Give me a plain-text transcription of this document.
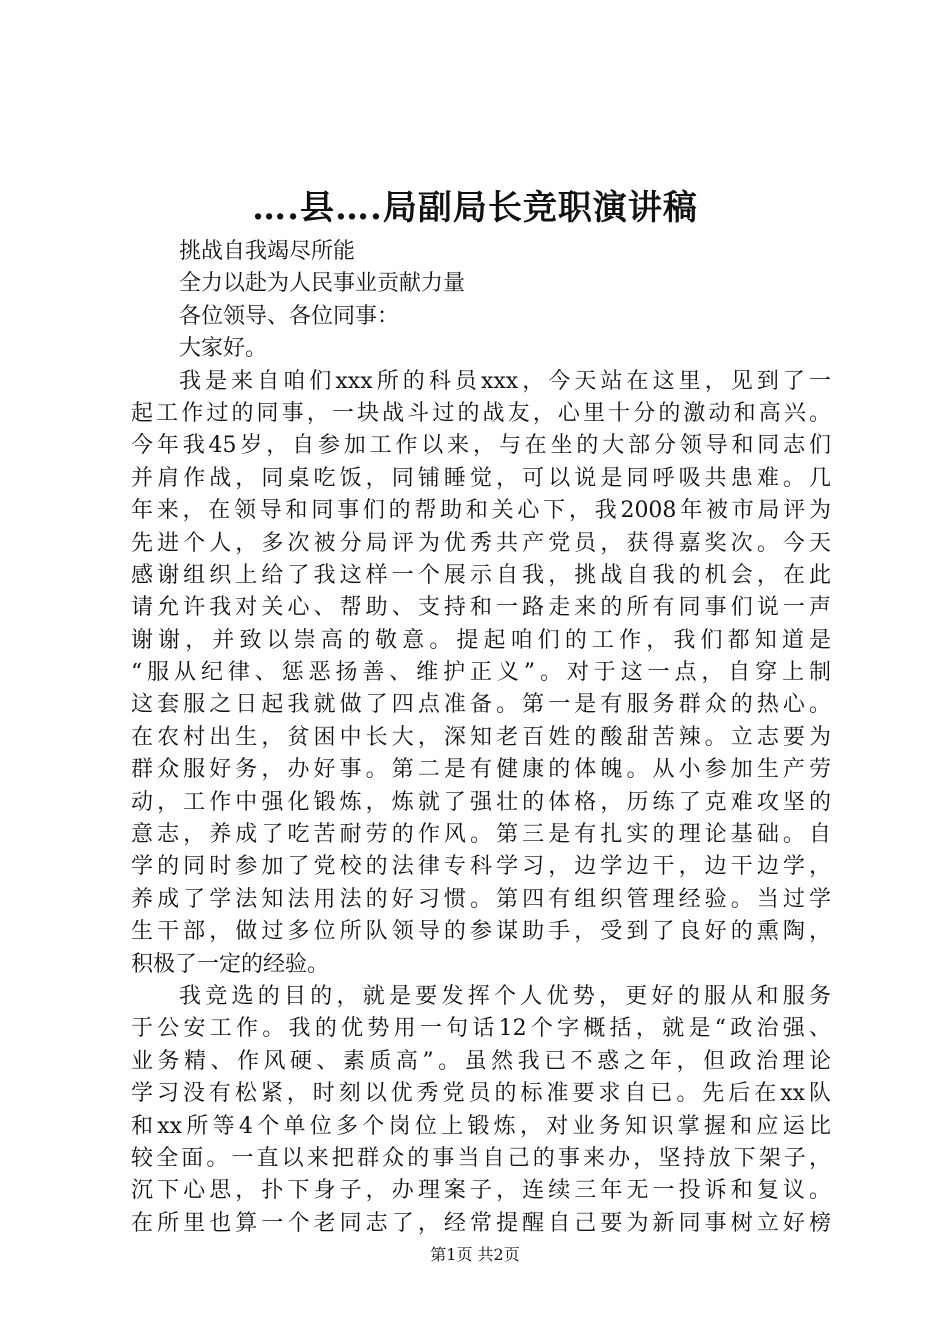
….县….局副局长竞职演讲稿
挑战自我竭尽所能
全力以赴为人民事业贡献力量
各位领导、各位同事：
大家好。
我是来自咱们xxx所的科员xxx，今天站在这里，见到了一
起工作过的同事，一块战斗过的战友，心里十分的激动和高兴。
今年我45岁，自参加工作以来，与在坐的大部分领导和同志们
并肩作战，同桌吃饭，同铺睡觉，可以说是同呼吸共患难。几
年来，在领导和同事们的帮助和关心下，我2008年被市局评为
先进个人，多次被分局评为优秀共产党员，获得嘉奖次。今天
感谢组织上给了我这样一个展示自我，挑战自我的机会，在此
请允许我对关心、帮助、支持和一路走来的所有同事们说一声
谢谢，并致以崇高的敬意。提起咱们的工作，我们都知道是
“服从纪律、惩恶扬善、维护正义”。对于这一点，自穿上制
这套服之日起我就做了四点准备。第一是有服务群众的热心。
在农村出生，贫困中长大，深知老百姓的酸甜苦辣。立志要为
群众服好务，办好事。第二是有健康的体魄。从小参加生产劳
动，工作中强化锻炼，炼就了强壮的体格，历练了克难攻坚的
意志，养成了吃苦耐劳的作风。第三是有扎实的理论基础。自
学的同时参加了党校的法律专科学习，边学边干，边干边学，
养成了学法知法用法的好习惯。第四有组织管理经验。当过学
生干部，做过多位所队领导的参谋助手，受到了良好的熏陶，
积极了一定的经验。
我竞选的目的，就是要发挥个人优势，更好的服从和服务
于公安工作。我的优势用一句话12个字概括，就是“政治强、
业务精、作风硬、素质高”。虽然我已不惑之年，但政治理论
学习没有松紧，时刻以优秀党员的标准要求自已。先后在xx队
和xx所等4个单位多个岗位上锻炼，对业务知识掌握和应运比
较全面。一直以来把群众的事当自己的事来办，坚持放下架子，
沉下心思，扑下身子，办理案子，连续三年无一投诉和复议。
在所里也算一个老同志了，经常提醒自己要为新同事树立好榜
第1页 共2页
